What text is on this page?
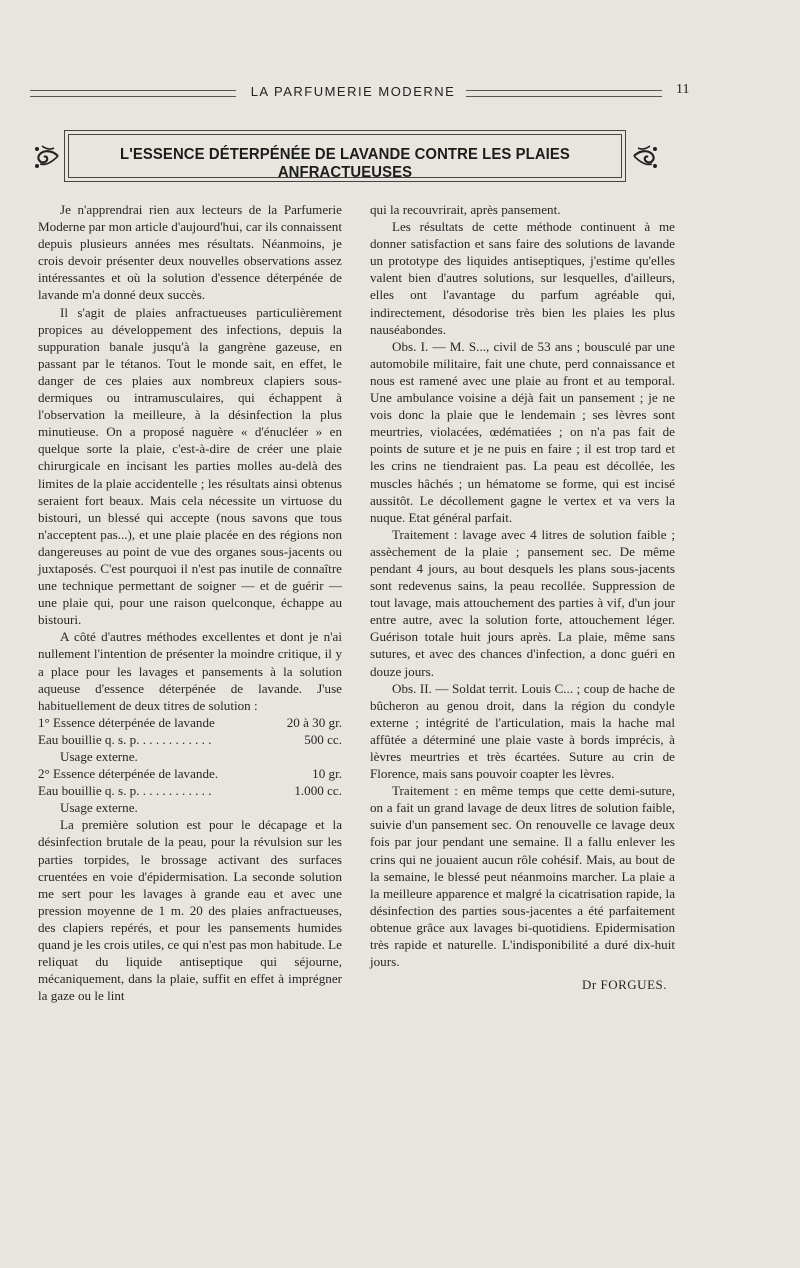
LA PARFUMERIE MODERNE	11
L'ESSENCE DÉTERPÉNÉE DE LAVANDE CONTRE LES PLAIES ANFRACTUEUSES

Je n'apprendrai rien aux lecteurs de la Parfumerie Moderne par mon article d'aujourd'hui, car ils connaissent depuis plusieurs années mes résultats. Néanmoins, je crois devoir présenter deux nouvelles observations assez intéressantes et où la solution d'essence déterpénée de lavande m'a donné deux succès.

Il s'agit de plaies anfractueuses particulièrement propices au développement des infections, depuis la suppuration banale jusqu'à la gangrène gazeuse, en passant par le tétanos. Tout le monde sait, en effet, le danger de ces plaies aux nombreux clapiers sous-dermiques ou intramusculaires, qui échappent à l'observation la meilleure, à la désinfection la plus minutieuse. On a proposé naguère « d'énucléer » en quelque sorte la plaie, c'est-à-dire de créer une plaie chirurgicale en incisant les parties molles au-delà des limites de la plaie accidentelle ; les résultats ainsi obtenus seraient fort beaux. Mais cela nécessite un virtuose du bistouri, un blessé qui accepte (nous savons que tous n'acceptent pas...), et une plaie placée en des régions non dangereuses au point de vue des organes sous-jacents ou juxtaposés. C'est pourquoi il n'est pas inutile de connaître une technique permettant de soigner — et de guérir — une plaie qui, pour une raison quelconque, échappe au bistouri.

A côté d'autres méthodes excellentes et dont je n'ai nullement l'intention de présenter la moindre critique, il y a place pour les lavages et pansements à la solution aqueuse d'essence déterpénée de lavande. J'use habituellement de deux titres de solution :

1° Essence déterpénée de lavande	20 à 30 gr.
Eau bouillie q. s. p. . . . . . . . . . . .	500 cc.

Usage externe.

2° Essence déterpénée de lavande.	10 gr.
Eau bouillie q. s. p. . . . . . . . . . . .	1.000 cc.

Usage externe.

La première solution est pour le décapage et la désinfection brutale de la peau, pour la révulsion sur les parties torpides, le brossage activant des surfaces cruentées en voie d'épidermisation. La seconde solution me sert pour les lavages à grande eau et avec une pression moyenne de 1 m. 20 des plaies anfractueuses, des clapiers repérés, et pour les pansements humides quand je les crois utiles, ce qui n'est pas mon habitude. Le reliquat du liquide antiseptique qui séjourne, mécaniquement, dans la plaie, suffit en effet à imprégner la gaze ou le lint

qui la recouvrirait, après pansement.

Les résultats de cette méthode continuent à me donner satisfaction et sans faire des solutions de lavande un prototype des liquides antiseptiques, j'estime qu'elles valent bien d'autres solutions, sur lesquelles, d'ailleurs, elles ont l'avantage du parfum agréable qui, indirectement, désodorise très bien les plaies les plus nauséabondes.

Obs. I. — M. S..., civil de 53 ans ; bousculé par une automobile militaire, fait une chute, perd connaissance et nous est ramené avec une plaie au front et au temporal. Une ambulance voisine a déjà fait un pansement ; je ne vois donc la plaie que le lendemain ; ses lèvres sont meurtries, violacées, œdématiées ; on n'a pas fait de points de suture et je ne puis en faire ; il est trop tard et les crins ne tiendraient pas. La peau est décollée, les muscles hâchés ; un hématome se forme, qui est incisé aussitôt. Le décollement gagne le vertex et va vers la nuque. Etat général parfait.

Traitement : lavage avec 4 litres de solution faible ; assèchement de la plaie ; pansement sec. De même pendant 4 jours, au bout desquels les plans sous-jacents sont redevenus sains, la peau recollée. Suppression de tout lavage, mais attouchement des parties à vif, d'un jour entre autre, avec la solution forte, attouchement léger. Guérison totale huit jours après. La plaie, même sans sutures, et avec des chances d'infection, a donc guéri en douze jours.

Obs. II. — Soldat territ. Louis C... ; coup de hache de bûcheron au genou droit, dans la région du condyle externe ; intégrité de l'articulation, mais la hache mal affûtée a déterminé une plaie vaste à bords imprécis, à lèvres meurtries et très écartées. Suture au crin de Florence, mais sans pouvoir coapter les lèvres.

Traitement : en même temps que cette demi-suture, on a fait un grand lavage de deux litres de solution faible, suivie d'un pansement sec. On renouvelle ce lavage deux fois par jour pendant une semaine. Il a fallu enlever les crins qui ne jouaient aucun rôle cohésif. Mais, au bout de la semaine, le blessé peut néanmoins marcher. La plaie a la meilleure apparence et malgré la cicatrisation rapide, la désinfection des parties sous-jacentes a été parfaitement obtenue grâce aux lavages bi-quotidiens. Epidermisation très rapide et naturelle. L'indisponibilité a duré dix-huit jours.

Dr FORGUES.
